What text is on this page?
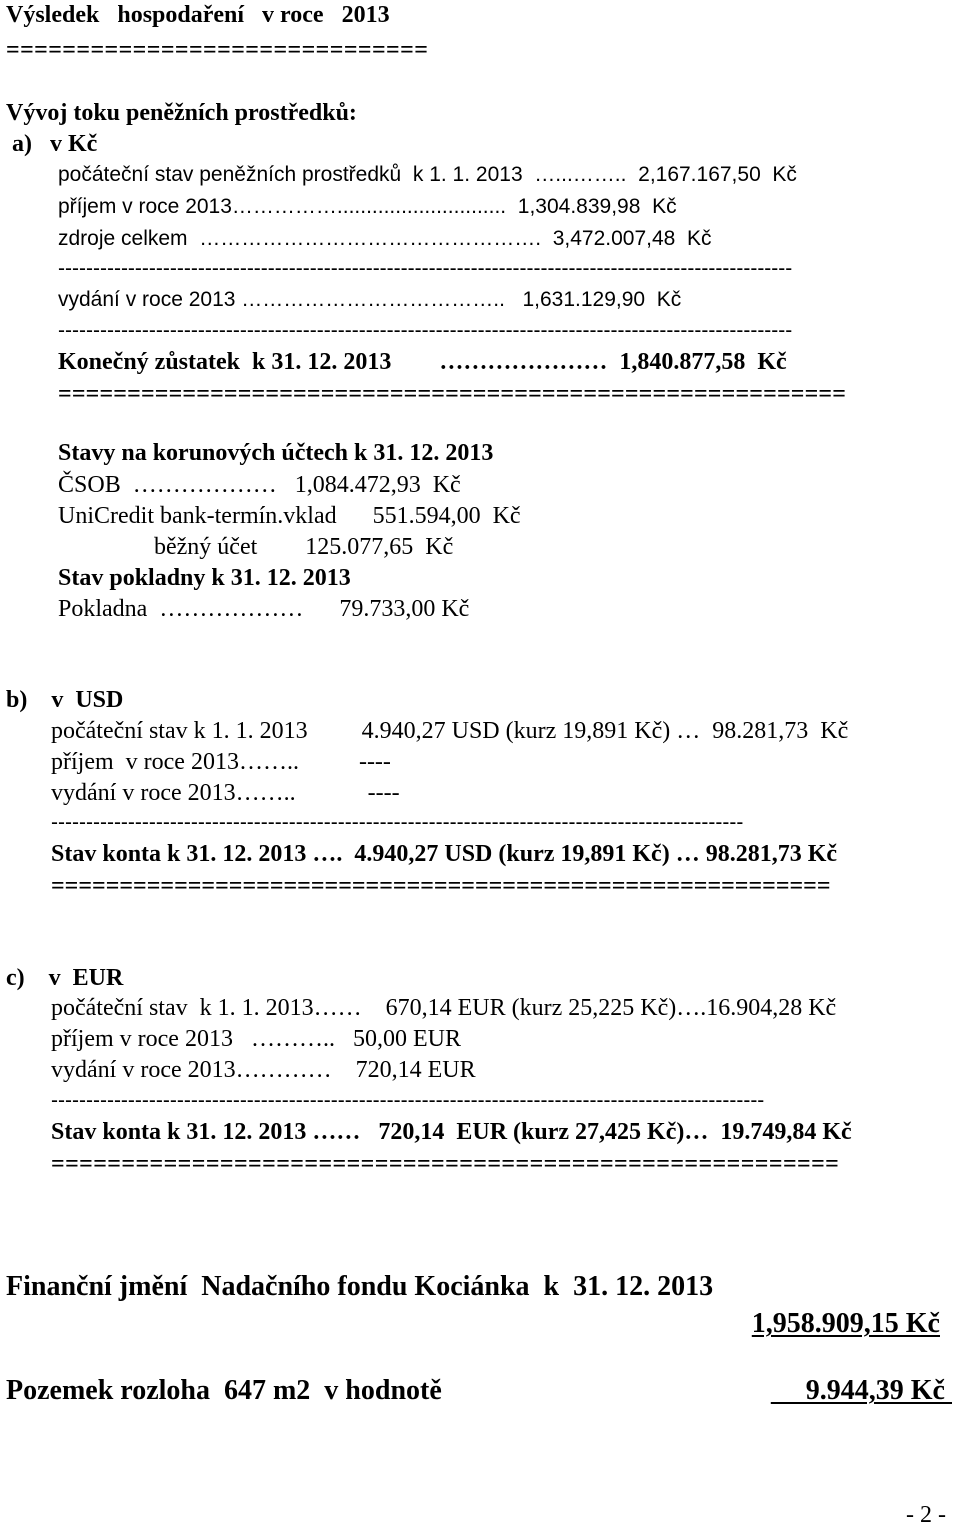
Výsledek   hospodaření   v roce   2013
==============================
Vývoj toku peněžních prostředků:
a)   v Kč
počáteční stav peněžních prostředků  k 1. 1. 2013  …...……..  2,167.167,50  Kč
příjem v roce 2013…………….............................  1,304.839,98  Kč
zdroje celkem  ………………………………………….  3,472.007,48  Kč
---------------------------------------------------------------------------------------------------------
vydání v roce 2013 ………………………………..   1,631.129,90  Kč
---------------------------------------------------------------------------------------------------------
Konečný zůstatek  k 31. 12. 2013        …………………  1,840.877,58  Kč
=========================================================
Stavy na korunových účtech k 31. 12. 2013
ČSOB  ………………   1,084.472,93  Kč
UniCredit bank-termín.vklad      551.594,00  Kč
běžný účet        125.077,65  Kč
Stav pokladny k 31. 12. 2013
Pokladna  ………………      79.733,00 Kč
b)    v  USD
počáteční stav k 1. 1. 2013         4.940,27 USD (kurz 19,891 Kč) …  98.281,73  Kč
příjem  v roce 2013……..          ----
vydání v roce 2013……..            ----
---------------------------------------------------------------------------------------------------
Stav konta k 31. 12. 2013 ….  4.940,27 USD (kurz 19,891 Kč) … 98.281,73 Kč
=========================================================
c)    v  EUR
počáteční stav  k 1. 1. 2013……    670,14 EUR (kurz 25,225 Kč)….16.904,28 Kč
příjem v roce 2013   ………..   50,00 EUR
vydání v roce 2013…………    720,14 EUR
------------------------------------------------------------------------------------------------------
Stav konta k 31. 12. 2013 ……   720,14  EUR (kurz 27,425 Kč)…  19.749,84 Kč
========================================================
Finanční jmění  Nadačního fondu Kociánka  k  31. 12. 2013
1,958.909,15 Kč
Pozemek rozloha  647 m2  v hodnotě	9.944,39 Kč
- 2 -
